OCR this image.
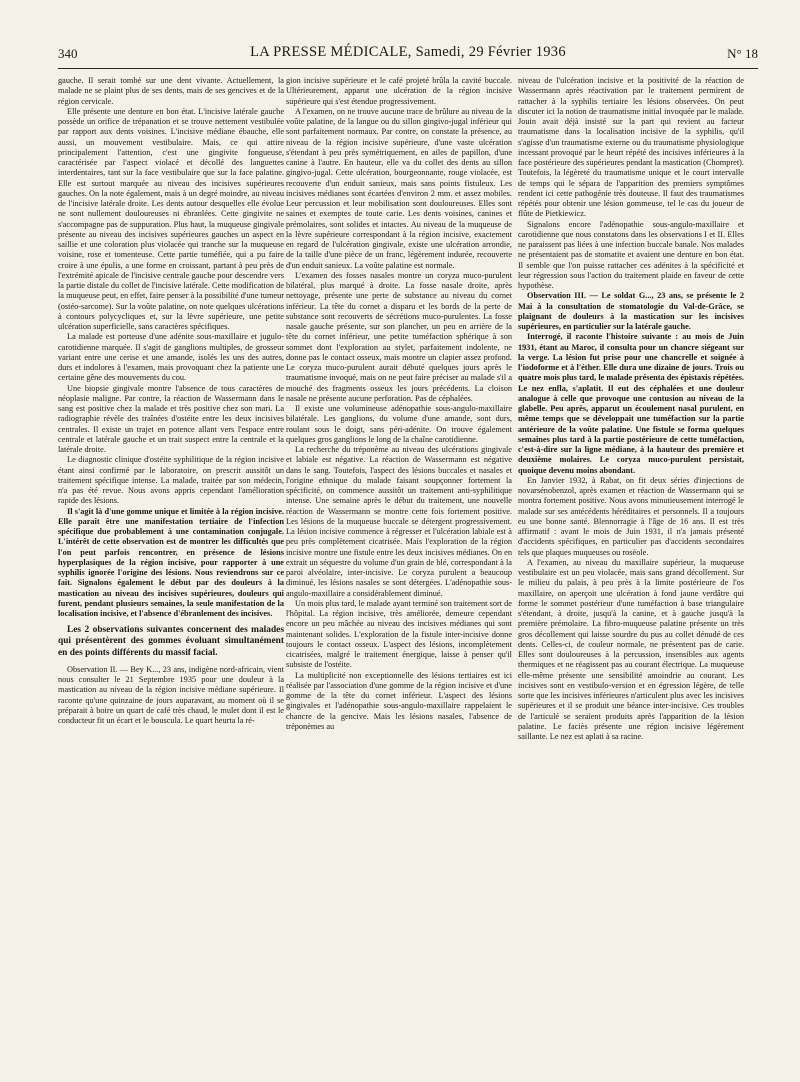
340	LA PRESSE MÉDICALE, Samedi, 29 Février 1936	N° 18

gauche. Il serait tombé sur une dent vivante. Actuellement, la malade ne se plaint plus de ses dents, mais de ses gencives et de la région cervicale.

Elle présente une denture en bon état. L'incisive latérale gauche possède un orifice de trépanation et se trouve nettement vestibulée par rapport aux dents voisines. L'incisive médiane ébauche, elle aussi, un mouvement vestibulaire. Mais, ce qui attire principalement l'attention, c'est une gingivite fongueuse, caractérisée par l'aspect violacé et décollé des languettes interdentaires, tant sur la face vestibulaire que sur la face palatine. Elle est surtout marquée au niveau des incisives supérieures gauches. On la note également, mais à un degré moindre, au niveau de l'incisive latérale droite. Les dents autour desquelles elle évolue ne sont nullement douloureuses ni ébranlées. Cette gingivite ne s'accompagne pas de suppuration. Plus haut, la muqueuse gingivale présente au niveau des incisives supérieures gauches un aspect en saillie et une coloration plus violacée qui tranche sur la muqueuse voisine, rose et tomenteuse. Cette partie tuméfiée, qui a pu faire croire à une épulis, a une forme en croissant, partant à peu près de l'extrémité apicale de l'incisive centrale gauche pour descendre vers la partie distale du collet de l'incisive latérale. Cette modification de la muqueuse peut, en effet, faire penser à la possibilité d'une tumeur (ostéo-sarcome). Sur la voûte palatine, on note quelques ulcérations à contours polycycliques et, sur la lèvre supérieure, une petite ulcération superficielle, sans caractères spécifiques.

La malade est porteuse d'une adénite sous-maxillaire et jugulo-carotidienne marquée. Il s'agit de ganglions multiples, de grosseur variant entre une cerise et une amande, isolés les uns des autres, durs et indolores à l'examen, mais provoquant chez la patiente une certaine gêne des mouvements du cou.

Une biopsie gingivale montre l'absence de tous caractères de néoplasie maligne. Par contre, la réaction de Wassermann dans le sang est positive chez la malade et très positive chez son mari. La radiographie révèle des traînées d'ostéite entre les deux incisives centrales. Il existe un trajet en potence allant vers l'espace entre centrale et latérale gauche et un trait suspect entre la centrale et la latérale droite.

Le diagnostic clinique d'ostéite syphilitique de la région incisive étant ainsi confirmé par le laboratoire, on prescrit aussitôt un traitement spécifique intense. La malade, traitée par son médecin, n'a pas été revue. Nous avons appris cependant l'amélioration rapide des lésions.

Il s'agit là d'une gomme unique et limitée à la région incisive. Elle paraît être une manifestation tertiaire de l'infection spécifique due probablement à une contamination conjugale. L'intérêt de cette observation est de montrer les difficultés que l'on peut parfois rencontrer, en présence de lésions hyperplasiques de la région incisive, pour rapporter à une syphilis ignorée l'origine des lésions. Nous reviendrons sur ce fait. Signalons également le début par des douleurs à la mastication au niveau des incisives supérieures, douleurs qui furent, pendant plusieurs semaines, la seule manifestation de la localisation incisive, et l'absence d'ébranlement des incisives.

Les 2 observations suivantes concernent des malades qui présentèrent des gommes évoluant simultanément en des points différents du massif facial.

Observation II. — Bey K..., 23 ans, indigène nord-africain, vient nous consulter le 21 Septembre 1935 pour une douleur à la mastication au niveau de la région incisive médiane supérieure. Il raconte qu'une quinzaine de jours auparavant, au moment où il se préparait à boire un quart de café très chaud, le mulet dont il est le conducteur fit un écart et le bouscula. Le quart heurta la ré-

gion incisive supérieure et le café projeté brûla la cavité buccale. Ultérieurement, apparut une ulcération de la région incisive supérieure qui s'est étendue progressivement.

A l'examen, on ne trouve aucune trace de brûlure au niveau de la voûte palatine, de la langue ou du sillon gingivo-jugal inférieur qui sont parfaitement normaux. Par contre, on constate la présence, au niveau de la région incisive supérieure, d'une vaste ulcération s'étendant à peu près symétriquement, en ailes de papillon, d'une canine à l'autre. En hauteur, elle va du collet des dents au sillon gingivo-jugal. Cette ulcération, bourgeonnante, rouge violacée, est recouverte d'un enduit sanieux, mais sans points fistuleux. Les incisives médianes sont écartées d'environ 2 mm. et assez mobiles. Leur percussion et leur mobilisation sont douloureuses. Elles sont saines et exemptes de toute carie. Les dents voisines, canines et prémolaires, sont solides et intactes. Au niveau de la muqueuse de la lèvre supérieure correspondant à la région incisive, exactement en regard de l'ulcération gingivale, existe une ulcération arrondie, de la taille d'une pièce de un franc, légèrement indurée, recouverte d'un enduit sanieux. La voûte palatine est normale.

L'examen des fosses nasales montre un coryza muco-purulent bilatéral, plus marqué à droite. La fosse nasale droite, après nettoyage, présente une perte de substance au niveau du cornet inférieur. La tête du cornet a disparu et les bords de la perte de substance sont recouverts de sécrétions muco-purulentes. La fosse nasale gauche présente, sur son plancher, un peu en arrière de la tête du cornet inférieur, une petite tuméfaction sphérique à son sommet dont l'exploration au stylet, parfaitement indolente, ne donne pas le contact osseux, mais montre un clapier assez profond. Le coryza muco-purulent aurait débuté quelques jours après le traumatisme invoqué, mais on ne peut faire préciser au malade s'il a mouché des fragments osseux les jours précédents. La cloison nasale ne présente aucune perforation. Pas de céphalées.

Il existe une volumineuse adénopathie sous-angulo-maxillaire bilatérale. Les ganglions, du volume d'une amande, sont durs, roulant sous le doigt, sans péri-adénite. On trouve également quelques gros ganglions le long de la chaîne carotidienne.

La recherche du tréponème au niveau des ulcérations gingivale et labiale est négative. La réaction de Wassermann est négative dans le sang. Toutefois, l'aspect des lésions buccales et nasales et l'origine ethnique du malade faisant soupçonner fortement la spécificité, on commence aussitôt un traitement anti-syphilitique intense. Une semaine après le début du traitement, une nouvelle réaction de Wassermann se montre cette fois fortement positive. Les lésions de la muqueuse buccale se détergent progressivement. La lésion incisive commence à régresser et l'ulcération labiale est à peu près complètement cicatrisée. Mais l'exploration de la région incisive montre une fistule entre les deux incisives médianes. On en extrait un séquestre du volume d'un grain de blé, correspondant à la paroi alvéolaire, inter-incisive. Le coryza purulent a beaucoup diminué, les lésions nasales se sont détergées. L'adénopathie sous-angulo-maxillaire a considérablement diminué.

Un mois plus tard, le malade ayant terminé son traitement sort de l'hôpital. La région incisive, très améliorée, demeure cependant encore un peu mâchée au niveau des incisives médianes qui sont maintenant solides. L'exploration de la fistule inter-incisive donne toujours le contact osseux. L'aspect des lésions, incomplètement cicatrisées, malgré le traitement énergique, laisse à penser qu'il subsiste de l'ostéite.

La multiplicité non exceptionnelle des lésions tertiaires est ici réalisée par l'association d'une gomme de la région incisive et d'une gomme de la tête du cornet inférieur. L'aspect des lésions gingivales et l'adénopathie sous-angulo-maxillaire rappelaient le chancre de la gencive. Mais les lésions nasales, l'absence de tréponèmes au

niveau de l'ulcération incisive et la positivité de la réaction de Wassermann après réactivation par le traitement permirent de rattacher à la syphilis tertiaire les lésions observées. On peut discuter ici la notion de traumatisme initial invoquée par le malade. Jouin avait déjà insisté sur la part qui revient au facteur traumatisme dans la localisation incisive de la syphilis, qu'il s'agisse d'un traumatisme externe ou du traumatisme physiologique incessant provoqué par le heurt répété des incisives inférieures à la face postérieure des supérieures pendant la mastication (Chompret). Toutefois, la légèreté du traumatisme unique et le court intervalle de temps qui le sépara de l'apparition des premiers symptômes rendent ici cette pathogénie très douteuse. Il faut des traumatismes répétés pour obtenir une lésion gommeuse, tel le cas du joueur de flûte de Pietkiewicz.

Signalons encore l'adénopathie sous-angulo-maxillaire et carotidienne que nous constatons dans les observations I et II. Elles ne paraissent pas liées à une infection buccale banale. Nos malades ne présentaient pas de stomatite et avaient une denture en bon état. Il semble que l'on puisse rattacher ces adénites à la spécificité et leur régression sous l'action du traitement plaide en faveur de cette hypothèse.

Observation III. — Le soldat G..., 23 ans, se présente le 2 Mai à la consultation de stomatologie du Val-de-Grâce, se plaignant de douleurs à la mastication sur les incisives supérieures, en particulier sur la latérale gauche.

Interrogé, il raconte l'histoire suivante : au mois de Juin 1931, étant au Maroc, il consulta pour un chancre siégeant sur la verge. La lésion fut prise pour une chancrelle et soignée à l'iodoforme et à l'éther. Elle dura une dizaine de jours. Trois ou quatre mois plus tard, le malade présenta des épistaxis répétées. Le nez enfla, s'aplatit. Il eut des céphalées et une douleur analogue à celle que provoque une contusion au niveau de la glabelle. Peu après, apparut un écoulement nasal purulent, en même temps que se développait une tuméfaction sur la partie antérieure de la voûte palatine. Une fistule se forma quelques semaines plus tard à la partie postérieure de cette tuméfaction, c'est-à-dire sur la ligne médiane, à la hauteur des première et deuxième molaires. Le coryza muco-purulent persistait, quoique devenu moins abondant.

En Janvier 1932, à Rabat, on fit deux séries d'injections de novarsénobenzol, après examen et réaction de Wassermann qui se montra fortement positive. Nous avons minutieusement interrogé le malade sur ses antécédents héréditaires et personnels. Il a toujours eu une bonne santé. Blennorragie à l'âge de 16 ans. Il est très affirmatif : avant le mois de Juin 1931, il n'a jamais présenté d'accidents spécifiques, en particulier pas d'accidents secondaires tels que plaques muqueuses ou roséole.

A l'examen, au niveau du maxillaire supérieur, la muqueuse vestibulaire est un peu violacée, mais sans grand décollement. Sur le milieu du palais, à peu près à la limite postérieure de l'os maxillaire, on aperçoit une ulcération à fond jaune verdâtre qui forme le sommet postérieur d'une tuméfaction à base triangulaire s'étendant, à droite, jusqu'à la canine, et à gauche jusqu'à la première prémolaire. La fibro-muqueuse palatine présente un très gros décollement qui laisse sourdre du pus au collet dénudé de ces dents. Celles-ci, de couleur normale, ne présentent pas de carie. Elles sont douloureuses à la percussion, insensibles aux agents thermiques et ne réagissent pas au courant électrique. La muqueuse elle-même présente une sensibilité amoindrie au courant. Les incisives sont en vestibulo-version et en égression légère, de telle sorte que les incisives inférieures n'articulent plus avec les incisives supérieures et il se produit une béance inter-incisive. Ces troubles de l'articulé se seraient produits après l'apparition de la lésion palatine. Le faciès présente une région incisive légèrement saillante. Le nez est aplati à sa racine.
